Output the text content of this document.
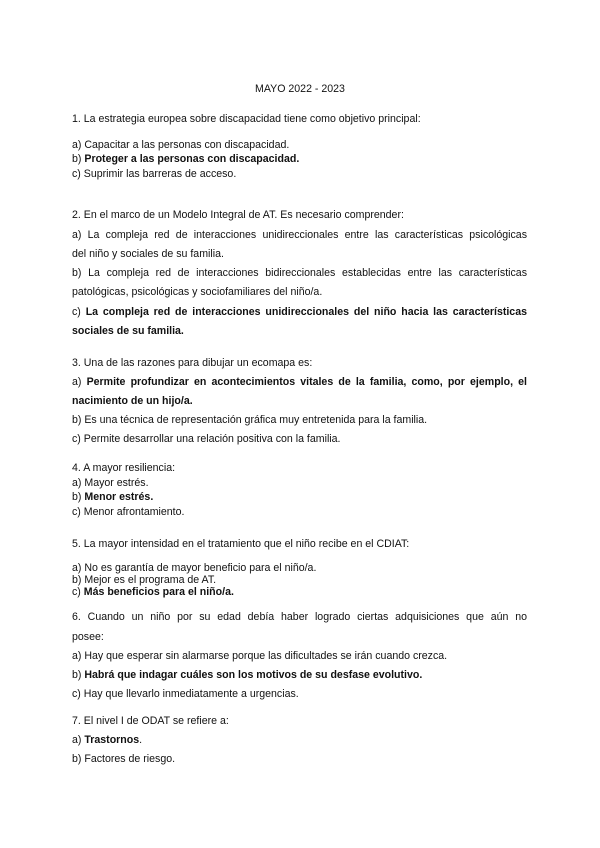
MAYO 2022 - 2023
1. La estrategia europea sobre discapacidad tiene como objetivo principal:
a) Capacitar a las personas con discapacidad.
b) Proteger a las personas con discapacidad.
c) Suprimir las barreras de acceso.
2. En el marco de un Modelo Integral de AT. Es necesario comprender:
a) La compleja red de interacciones unidireccionales entre las características psicológicas
del niño y sociales de su familia.
b) La compleja red de interacciones bidireccionales establecidas entre las características
patológicas, psicológicas y sociofamiliares del niño/a.
c) La compleja red de interacciones unidireccionales del niño hacia las características
sociales de su familia.
3. Una de las razones para dibujar un ecomapa es:
a) Permite profundizar en acontecimientos vitales de la familia, como, por ejemplo, el
nacimiento de un hijo/a.
b) Es una técnica de representación gráfica muy entretenida para la familia.
c) Permite desarrollar una relación positiva con la familia.
4. A mayor resiliencia:
a) Mayor estrés.
b) Menor estrés.
c) Menor afrontamiento.
5. La mayor intensidad en el tratamiento que el niño recibe en el CDIAT:
a) No es garantía de mayor beneficio para el niño/a.
b) Mejor es el programa de AT.
c) Más beneficios para el niño/a.
6. Cuando un niño por su edad debía haber logrado ciertas adquisiciones que aún no
posee:
a) Hay que esperar sin alarmarse porque las dificultades se irán cuando crezca.
b) Habrá que indagar cuáles son los motivos de su desfase evolutivo.
c) Hay que llevarlo inmediatamente a urgencias.
7. El nivel I de ODAT se refiere a:
a) Trastornos.
b) Factores de riesgo.
